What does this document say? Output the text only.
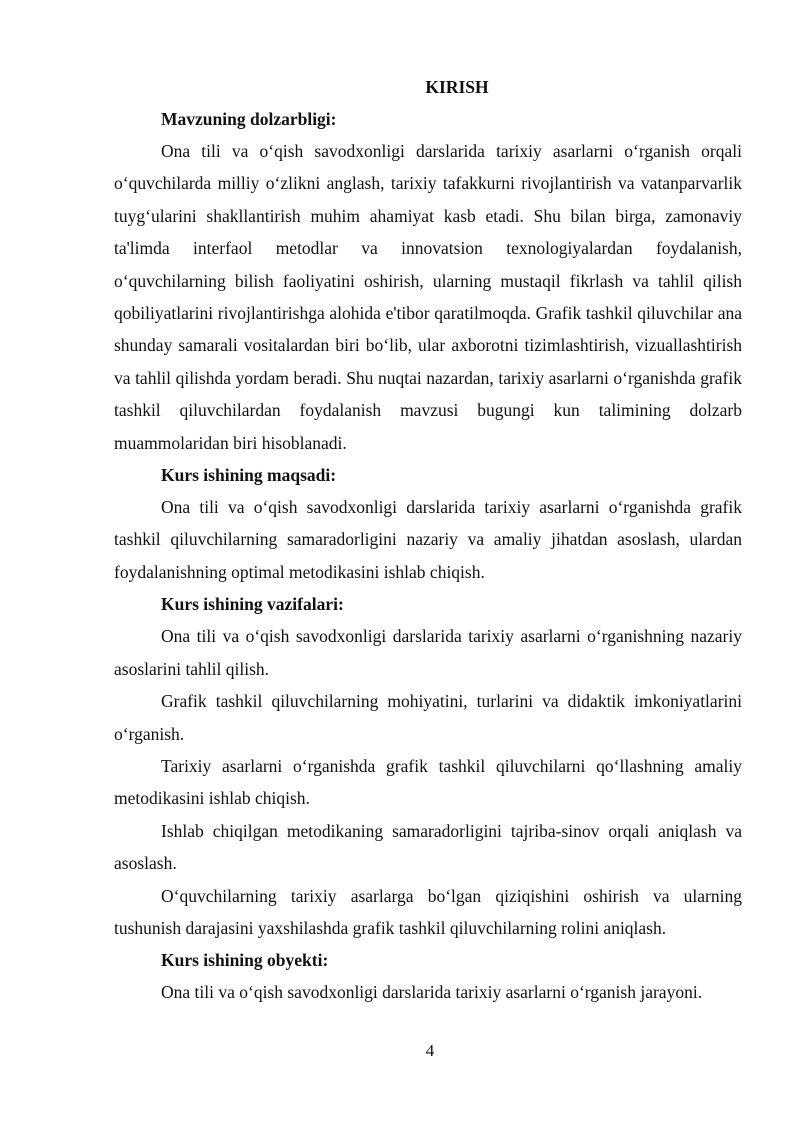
KIRISH

Mavzuning dolzarbligi:

Ona tili va o‘qish savodxonligi darslarida tarixiy asarlarni o‘rganish orqali o‘quvchilarda milliy o‘zlikni anglash, tarixiy tafakkurni rivojlantirish va vatanparvarlik tuyg‘ularini shakllantirish muhim ahamiyat kasb etadi. Shu bilan birga, zamonaviy ta'limda interfaol metodlar va innovatsion texnologiyalardan foydalanish, o‘quvchilarning bilish faoliyatini oshirish, ularning mustaqil fikrlash va tahlil qilish qobiliyatlarini rivojlantirishga alohida e'tibor qaratilmoqda. Grafik tashkil qiluvchilar ana shunday samarali vositalardan biri bo‘lib, ular axborotni tizimlashtirish, vizuallashtirish va tahlil qilishda yordam beradi. Shu nuqtai nazardan, tarixiy asarlarni o‘rganishda grafik tashkil qiluvchilardan foydalanish mavzusi bugungi kun talimining dolzarb muammolaridan biri hisoblanadi.

Kurs ishining maqsadi:

Ona tili va o‘qish savodxonligi darslarida tarixiy asarlarni o‘rganishda grafik tashkil qiluvchilarning samaradorligini nazariy va amaliy jihatdan asoslash, ulardan foydalanishning optimal metodikasini ishlab chiqish.

Kurs ishining vazifalari:

Ona tili va o‘qish savodxonligi darslarida tarixiy asarlarni o‘rganishning nazariy asoslarini tahlil qilish.

Grafik tashkil qiluvchilarning mohiyatini, turlarini va didaktik imkoniyatlarini o‘rganish.

Tarixiy asarlarni o‘rganishda grafik tashkil qiluvchilarni qo‘llashning amaliy metodikasini ishlab chiqish.

Ishlab chiqilgan metodikaning samaradorligini tajriba-sinov orqali aniqlash va asoslash.

O‘quvchilarning tarixiy asarlarga bo‘lgan qiziqishini oshirish va ularning tushunish darajasini yaxshilashda grafik tashkil qiluvchilarning rolini aniqlash.

Kurs ishining obyekti:

Ona tili va o‘qish savodxonligi darslarida tarixiy asarlarni o‘rganish jarayoni.

4
